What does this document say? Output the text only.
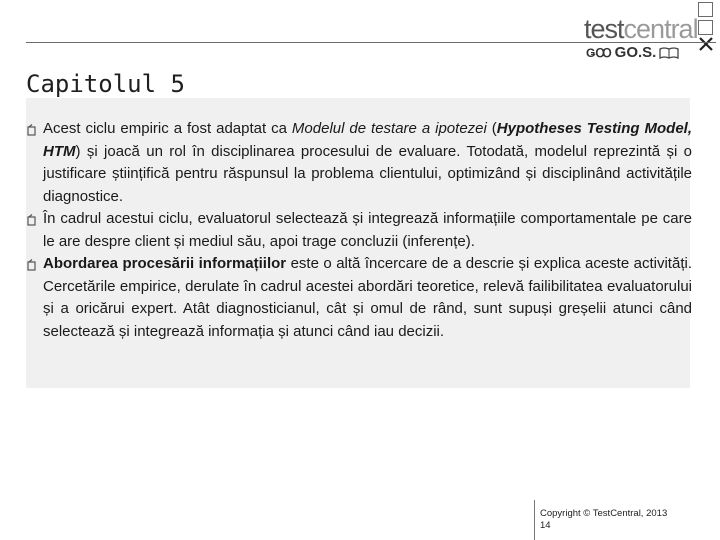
testcentral
ǤꝎ GO.S.
Capitolul 5

Acest ciclu empiric a fost adaptat ca Modelul de testare a ipotezei (Hypotheses Testing Model, HTM) și joacă un rol în disciplinarea procesului de evaluare. Totodată, modelul reprezintă și o justificare științifică pentru răspunsul la problema clientului, optimizând și disciplinând activitățile diagnostice.

În cadrul acestui ciclu, evaluatorul selectează și integrează informațiile comportamentale pe care le are despre client și mediul său, apoi trage concluzii (inferențe).

Abordarea procesării informațiilor este o altă încercare de a descrie și explica aceste activități. Cercetările empirice, derulate în cadrul acestei abordări teoretice, relevă failibilitatea evaluatorului și a oricărui expert. Atât diagnosticianul, cât și omul de rând, sunt supuși greșelii atunci când selectează și integrează informația și atunci când iau decizii.

Copyright © TestCentral, 2013
14
